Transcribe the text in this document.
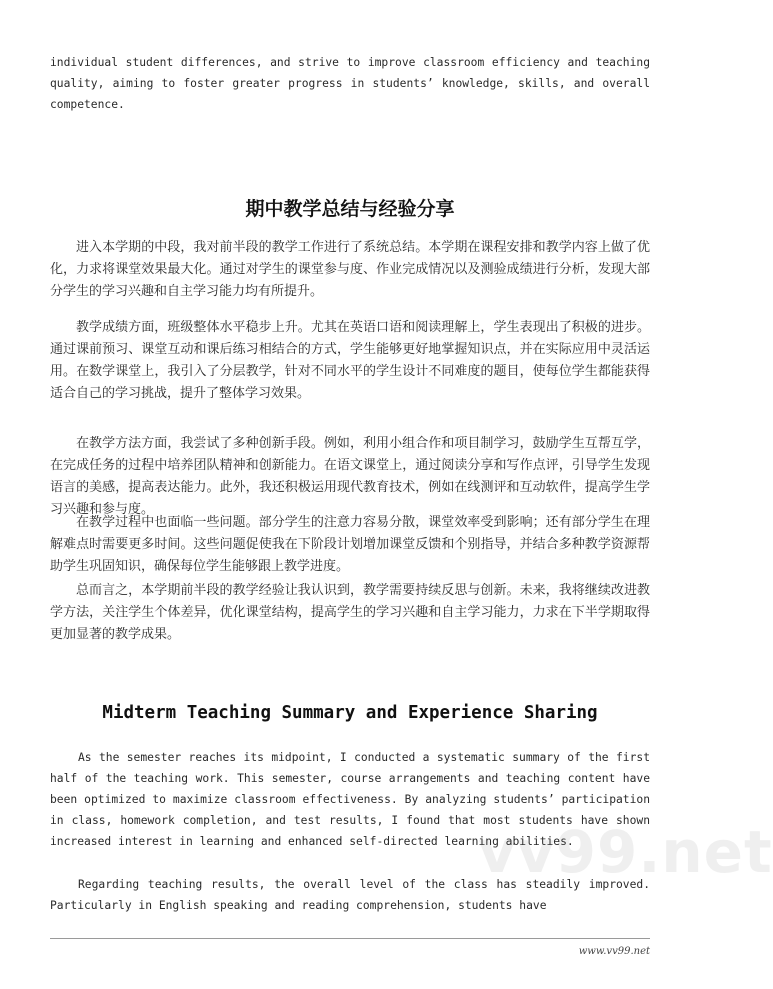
individual student differences, and strive to improve classroom efficiency and teaching quality, aiming to foster greater progress in students’ knowledge, skills, and overall competence.

期中教学总结与经验分享

进入本学期的中段，我对前半段的教学工作进行了系统总结。本学期在课程安排和教学内容上做了优化，力求将课堂效果最大化。通过对学生的课堂参与度、作业完成情况以及测验成绩进行分析，发现大部分学生的学习兴趣和自主学习能力均有所提升。

教学成绩方面，班级整体水平稳步上升。尤其在英语口语和阅读理解上，学生表现出了积极的进步。通过课前预习、课堂互动和课后练习相结合的方式，学生能够更好地掌握知识点，并在实际应用中灵活运用。在数学课堂上，我引入了分层教学，针对不同水平的学生设计不同难度的题目，使每位学生都能获得适合自己的学习挑战，提升了整体学习效果。

在教学方法方面，我尝试了多种创新手段。例如，利用小组合作和项目制学习，鼓励学生互帮互学，在完成任务的过程中培养团队精神和创新能力。在语文课堂上，通过阅读分享和写作点评，引导学生发现语言的美感，提高表达能力。此外，我还积极运用现代教育技术，例如在线测评和互动软件，提高学生学习兴趣和参与度。

在教学过程中也面临一些问题。部分学生的注意力容易分散，课堂效率受到影响；还有部分学生在理解难点时需要更多时间。这些问题促使我在下阶段计划增加课堂反馈和个别指导，并结合多种教学资源帮助学生巩固知识，确保每位学生能够跟上教学进度。

总而言之，本学期前半段的教学经验让我认识到，教学需要持续反思与创新。未来，我将继续改进教学方法，关注学生个体差异，优化课堂结构，提高学生的学习兴趣和自主学习能力，力求在下半学期取得更加显著的教学成果。

Midterm Teaching Summary and Experience Sharing

As the semester reaches its midpoint, I conducted a systematic summary of the first half of the teaching work. This semester, course arrangements and teaching content have been optimized to maximize classroom effectiveness. By analyzing students’ participation in class, homework completion, and test results, I found that most students have shown increased interest in learning and enhanced self-directed learning abilities.

Regarding teaching results, the overall level of the class has steadily improved. Particularly in English speaking and reading comprehension, students have

vv99.net

www.vv99.net
